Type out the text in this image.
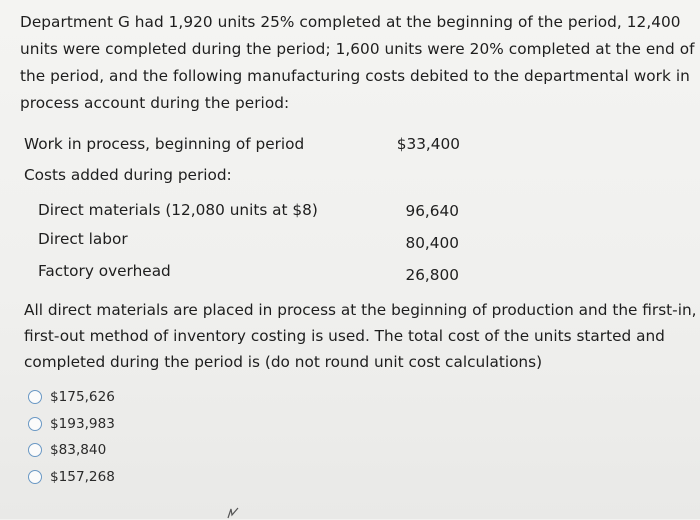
Department G had 1,920 units 25% completed at the beginning of the period, 12,400
units were completed during the period; 1,600 units were 20% completed at the end of
the period, and the following manufacturing costs debited to the departmental work in
process account during the period:
Work in process, beginning of period	$33,400
Costs added during period:
Direct materials (12,080 units at $8)	96,640
Direct labor	80,400
Factory overhead	26,800
All direct materials are placed in process at the beginning of production and the first-in,
first-out method of inventory costing is used. The total cost of the units started and
completed during the period is (do not round unit cost calculations)
$175,626
$193,983
$83,840
$157,268
